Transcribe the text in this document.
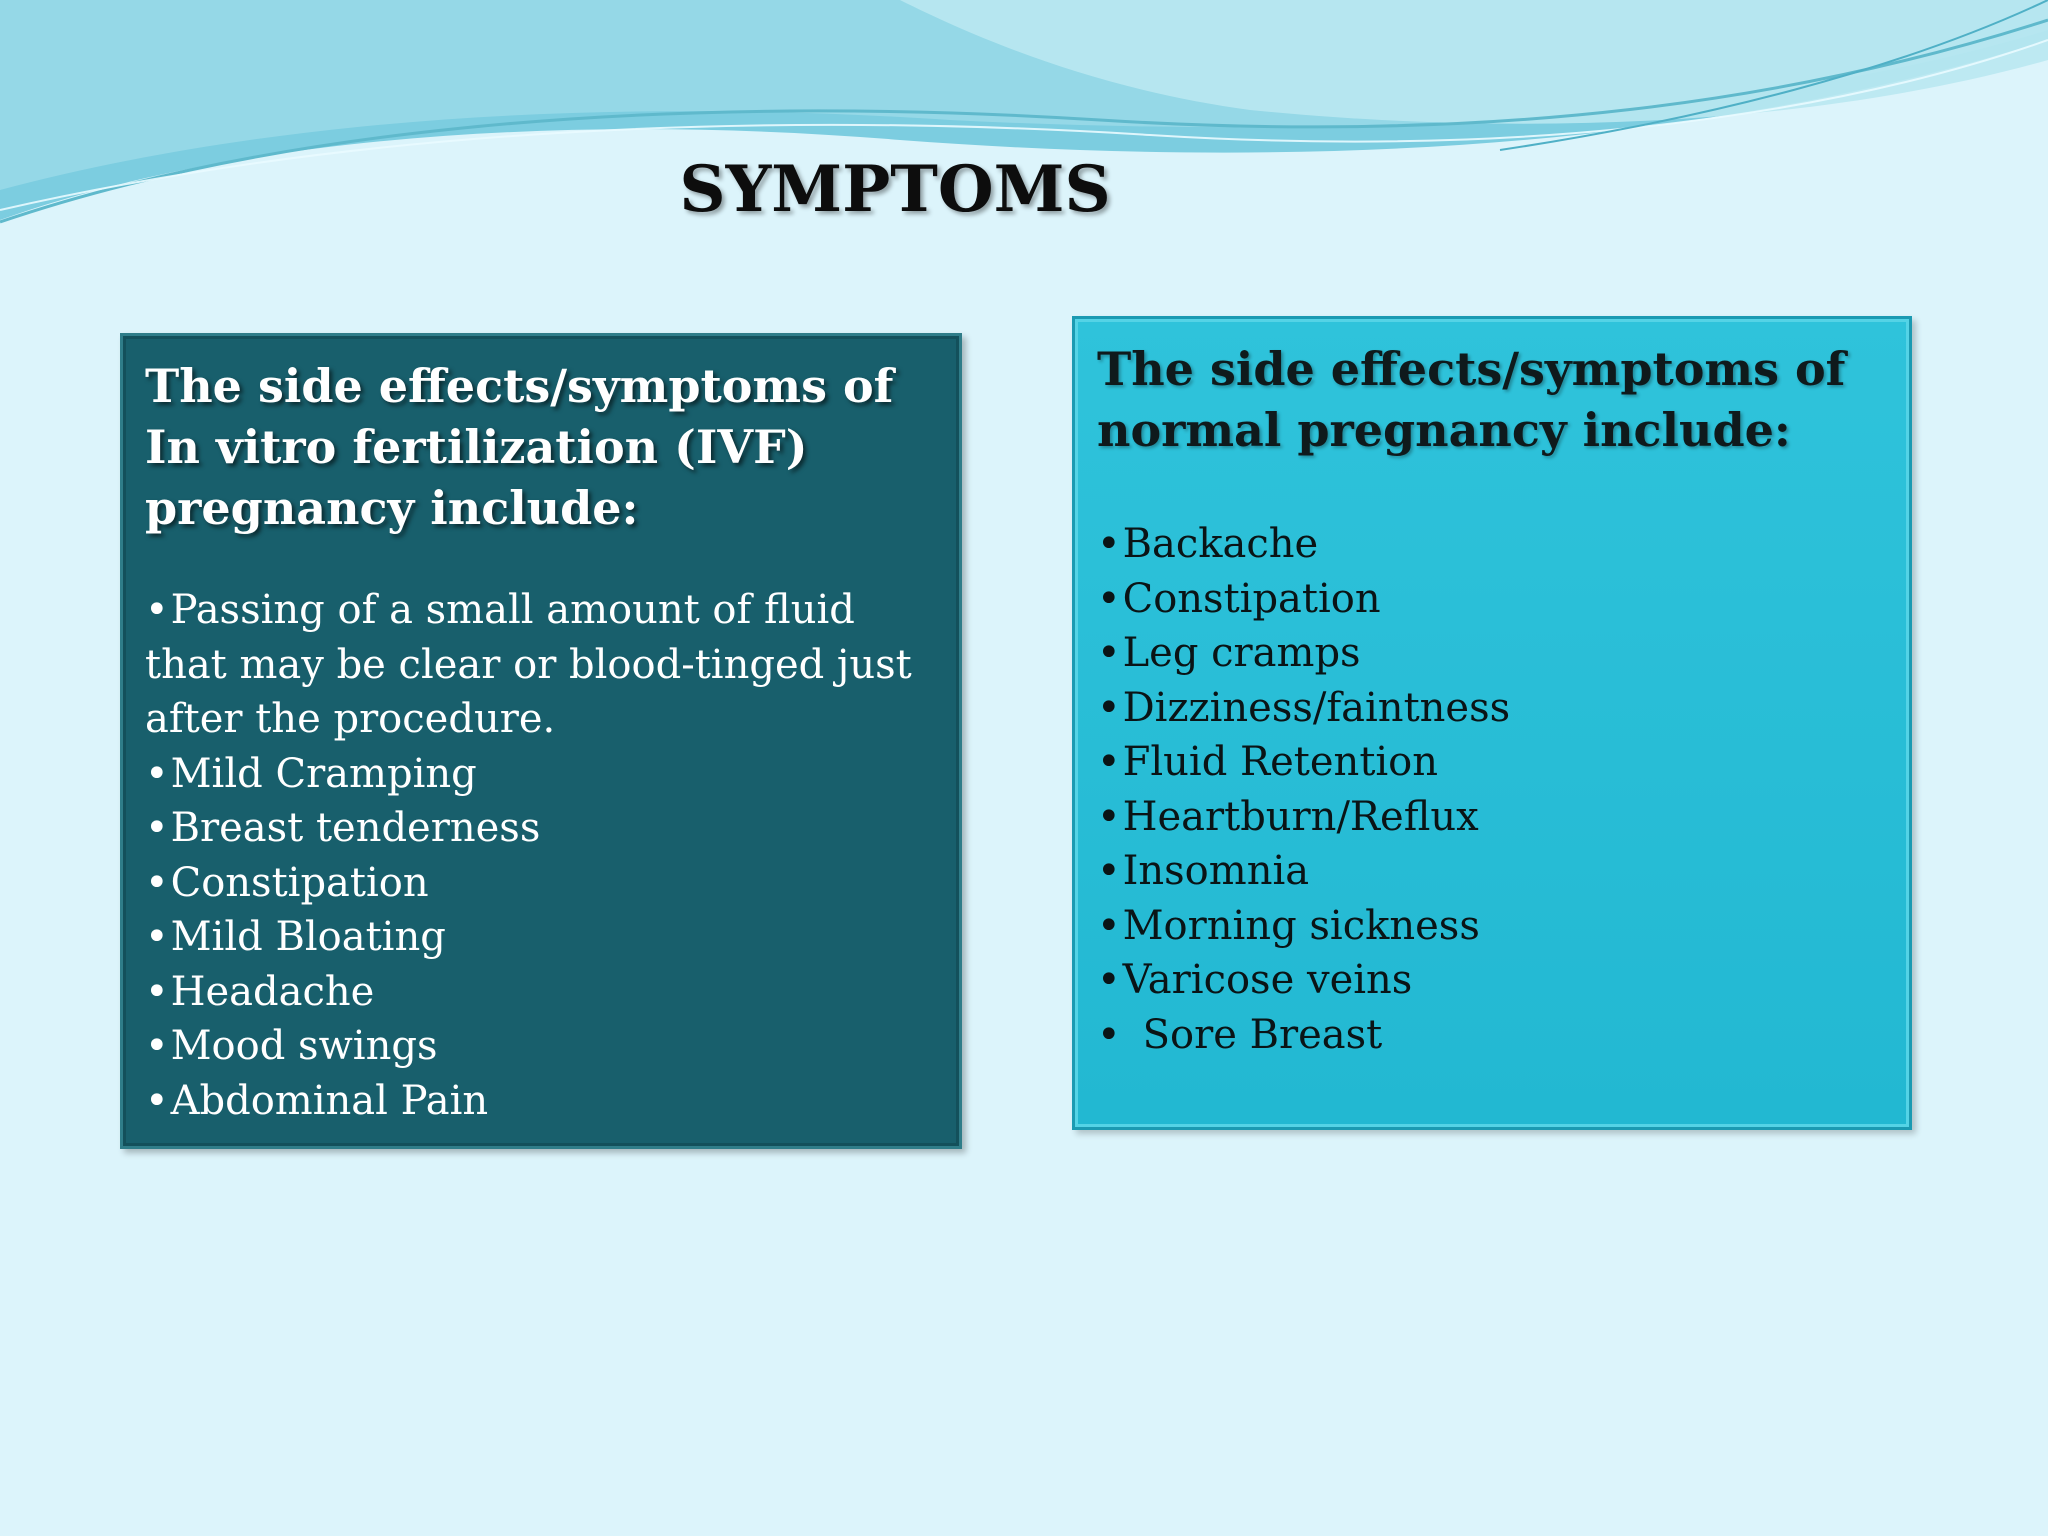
SYMPTOMS
The side effects/symptoms of In vitro fertilization (IVF) pregnancy include:
•Passing of a small amount of fluid that may be clear or blood-tinged just after the procedure.
•Mild Cramping
•Breast tenderness
•Constipation
•Mild Bloating
•Headache
•Mood swings
•Abdominal Pain
The side effects/symptoms of normal pregnancy include:
•Backache
•Constipation
•Leg cramps
•Dizziness/faintness
•Fluid Retention
•Heartburn/Reflux
•Insomnia
•Morning sickness
•Varicose veins
• Sore Breast
